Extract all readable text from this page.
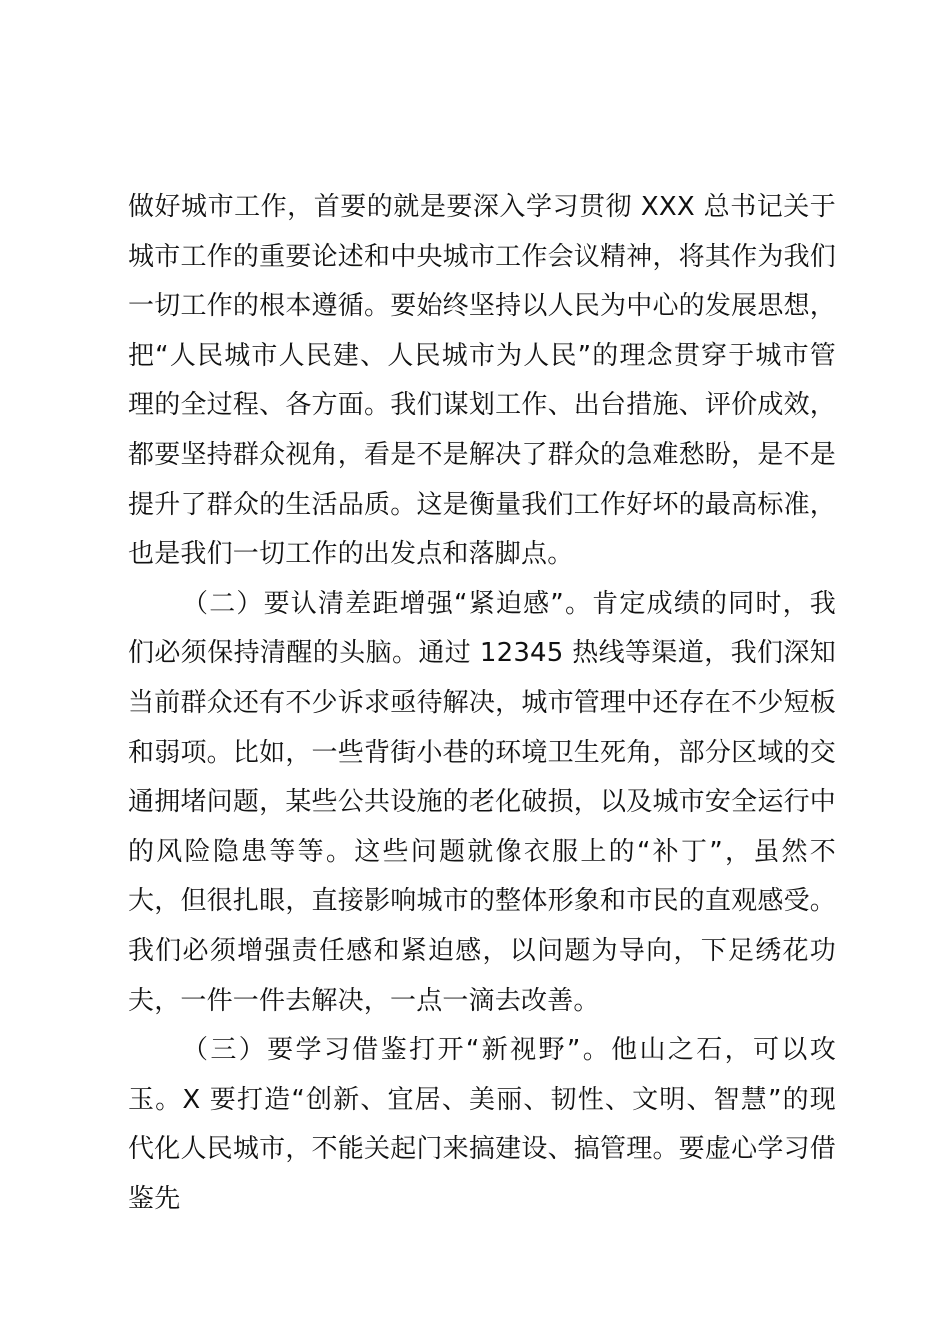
做好城市工作，首要的就是要深入学习贯彻 XXX 总书记关于城市工作的重要论述和中央城市工作会议精神，将其作为我们一切工作的根本遵循。要始终坚持以人民为中心的发展思想，把“人民城市人民建、人民城市为人民”的理念贯穿于城市管理的全过程、各方面。我们谋划工作、出台措施、评价成效，都要坚持群众视角，看是不是解决了群众的急难愁盼，是不是提升了群众的生活品质。这是衡量我们工作好坏的最高标准，也是我们一切工作的出发点和落脚点。

（二）要认清差距增强“紧迫感”。肯定成绩的同时，我们必须保持清醒的头脑。通过 12345 热线等渠道，我们深知当前群众还有不少诉求亟待解决，城市管理中还存在不少短板和弱项。比如，一些背街小巷的环境卫生死角，部分区域的交通拥堵问题，某些公共设施的老化破损，以及城市安全运行中的风险隐患等等。这些问题就像衣服上的“补丁”，虽然不大，但很扎眼，直接影响城市的整体形象和市民的直观感受。我们必须增强责任感和紧迫感，以问题为导向，下足绣花功夫，一件一件去解决，一点一滴去改善。

（三）要学习借鉴打开“新视野”。他山之石，可以攻玉。X 要打造“创新、宜居、美丽、韧性、文明、智慧”的现代化人民城市，不能关起门来搞建设、搞管理。要虚心学习借鉴先
